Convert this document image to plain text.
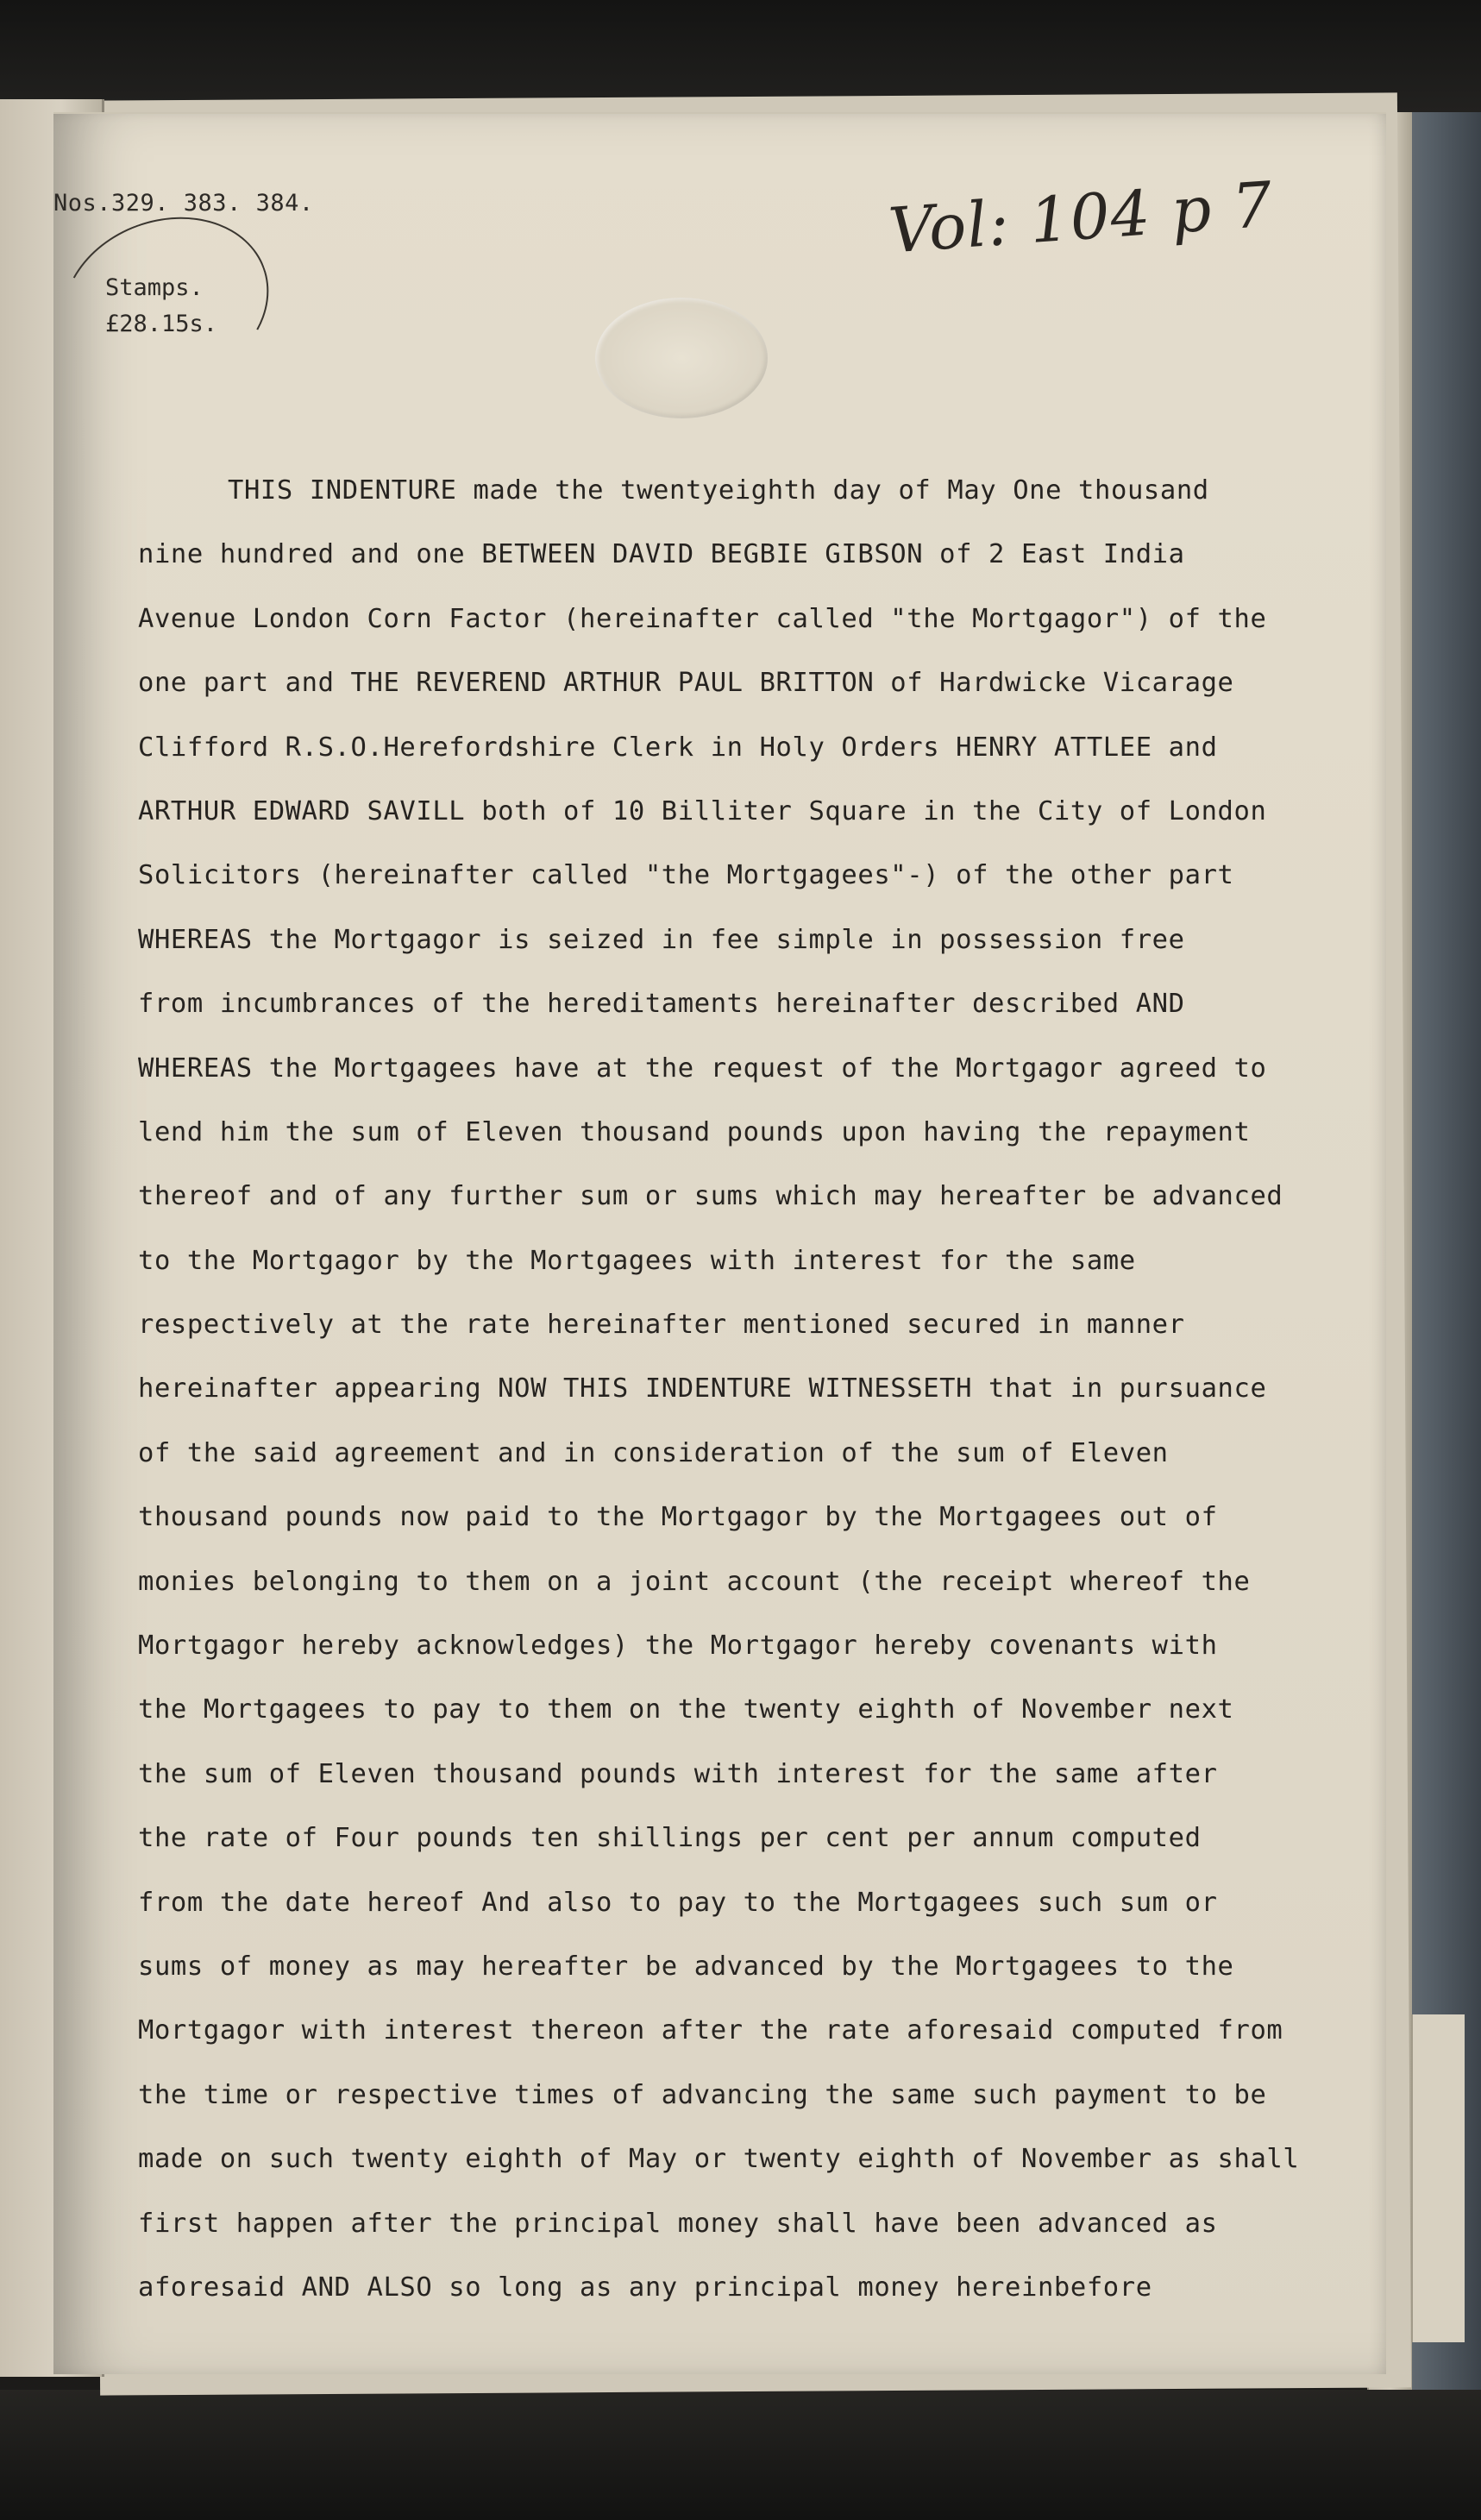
Nos.329. 383. 384.
Stamps.
£28.15s.
Vol: 104 p 7
THIS INDENTURE made the twentyeighth day of May One thousand
nine hundred and one BETWEEN DAVID BEGBIE GIBSON of 2 East India
Avenue London Corn Factor (hereinafter called "the Mortgagor") of the
one part and THE REVEREND ARTHUR PAUL BRITTON of Hardwicke Vicarage
Clifford R.S.O.Herefordshire Clerk in Holy Orders HENRY ATTLEE and
ARTHUR EDWARD SAVILL both of 10 Billiter Square in the City of London
Solicitors (hereinafter called "the Mortgagees"-) of the other part
WHEREAS the Mortgagor is seized in fee simple in possession free
from incumbrances of the hereditaments hereinafter described AND
WHEREAS the Mortgagees have at the request of the Mortgagor agreed to
lend him the sum of Eleven thousand pounds upon having the repayment
thereof and of any further sum or sums which may hereafter be advanced
to the Mortgagor by the Mortgagees with interest for the same
respectively at the rate hereinafter mentioned secured in manner
hereinafter appearing NOW THIS INDENTURE WITNESSETH that in pursuance
of the said agreement and in consideration of the sum of Eleven
thousand pounds now paid to the Mortgagor by the Mortgagees out of
monies belonging to them on a joint account (the receipt whereof the
Mortgagor hereby acknowledges) the Mortgagor hereby covenants with
the Mortgagees to pay to them on the twenty eighth of November next
the sum of Eleven thousand pounds with interest for the same after
the rate of Four pounds ten shillings per cent per annum computed
from the date hereof And also to pay to the Mortgagees such sum or
sums of money as may hereafter be advanced by the Mortgagees to the
Mortgagor with interest thereon after the rate aforesaid computed from
the time or respective times of advancing the same such payment to be
made on such twenty eighth of May or twenty eighth of November as shall
first happen after the principal money shall have been advanced as
aforesaid AND ALSO so long as any principal money hereinbefore
